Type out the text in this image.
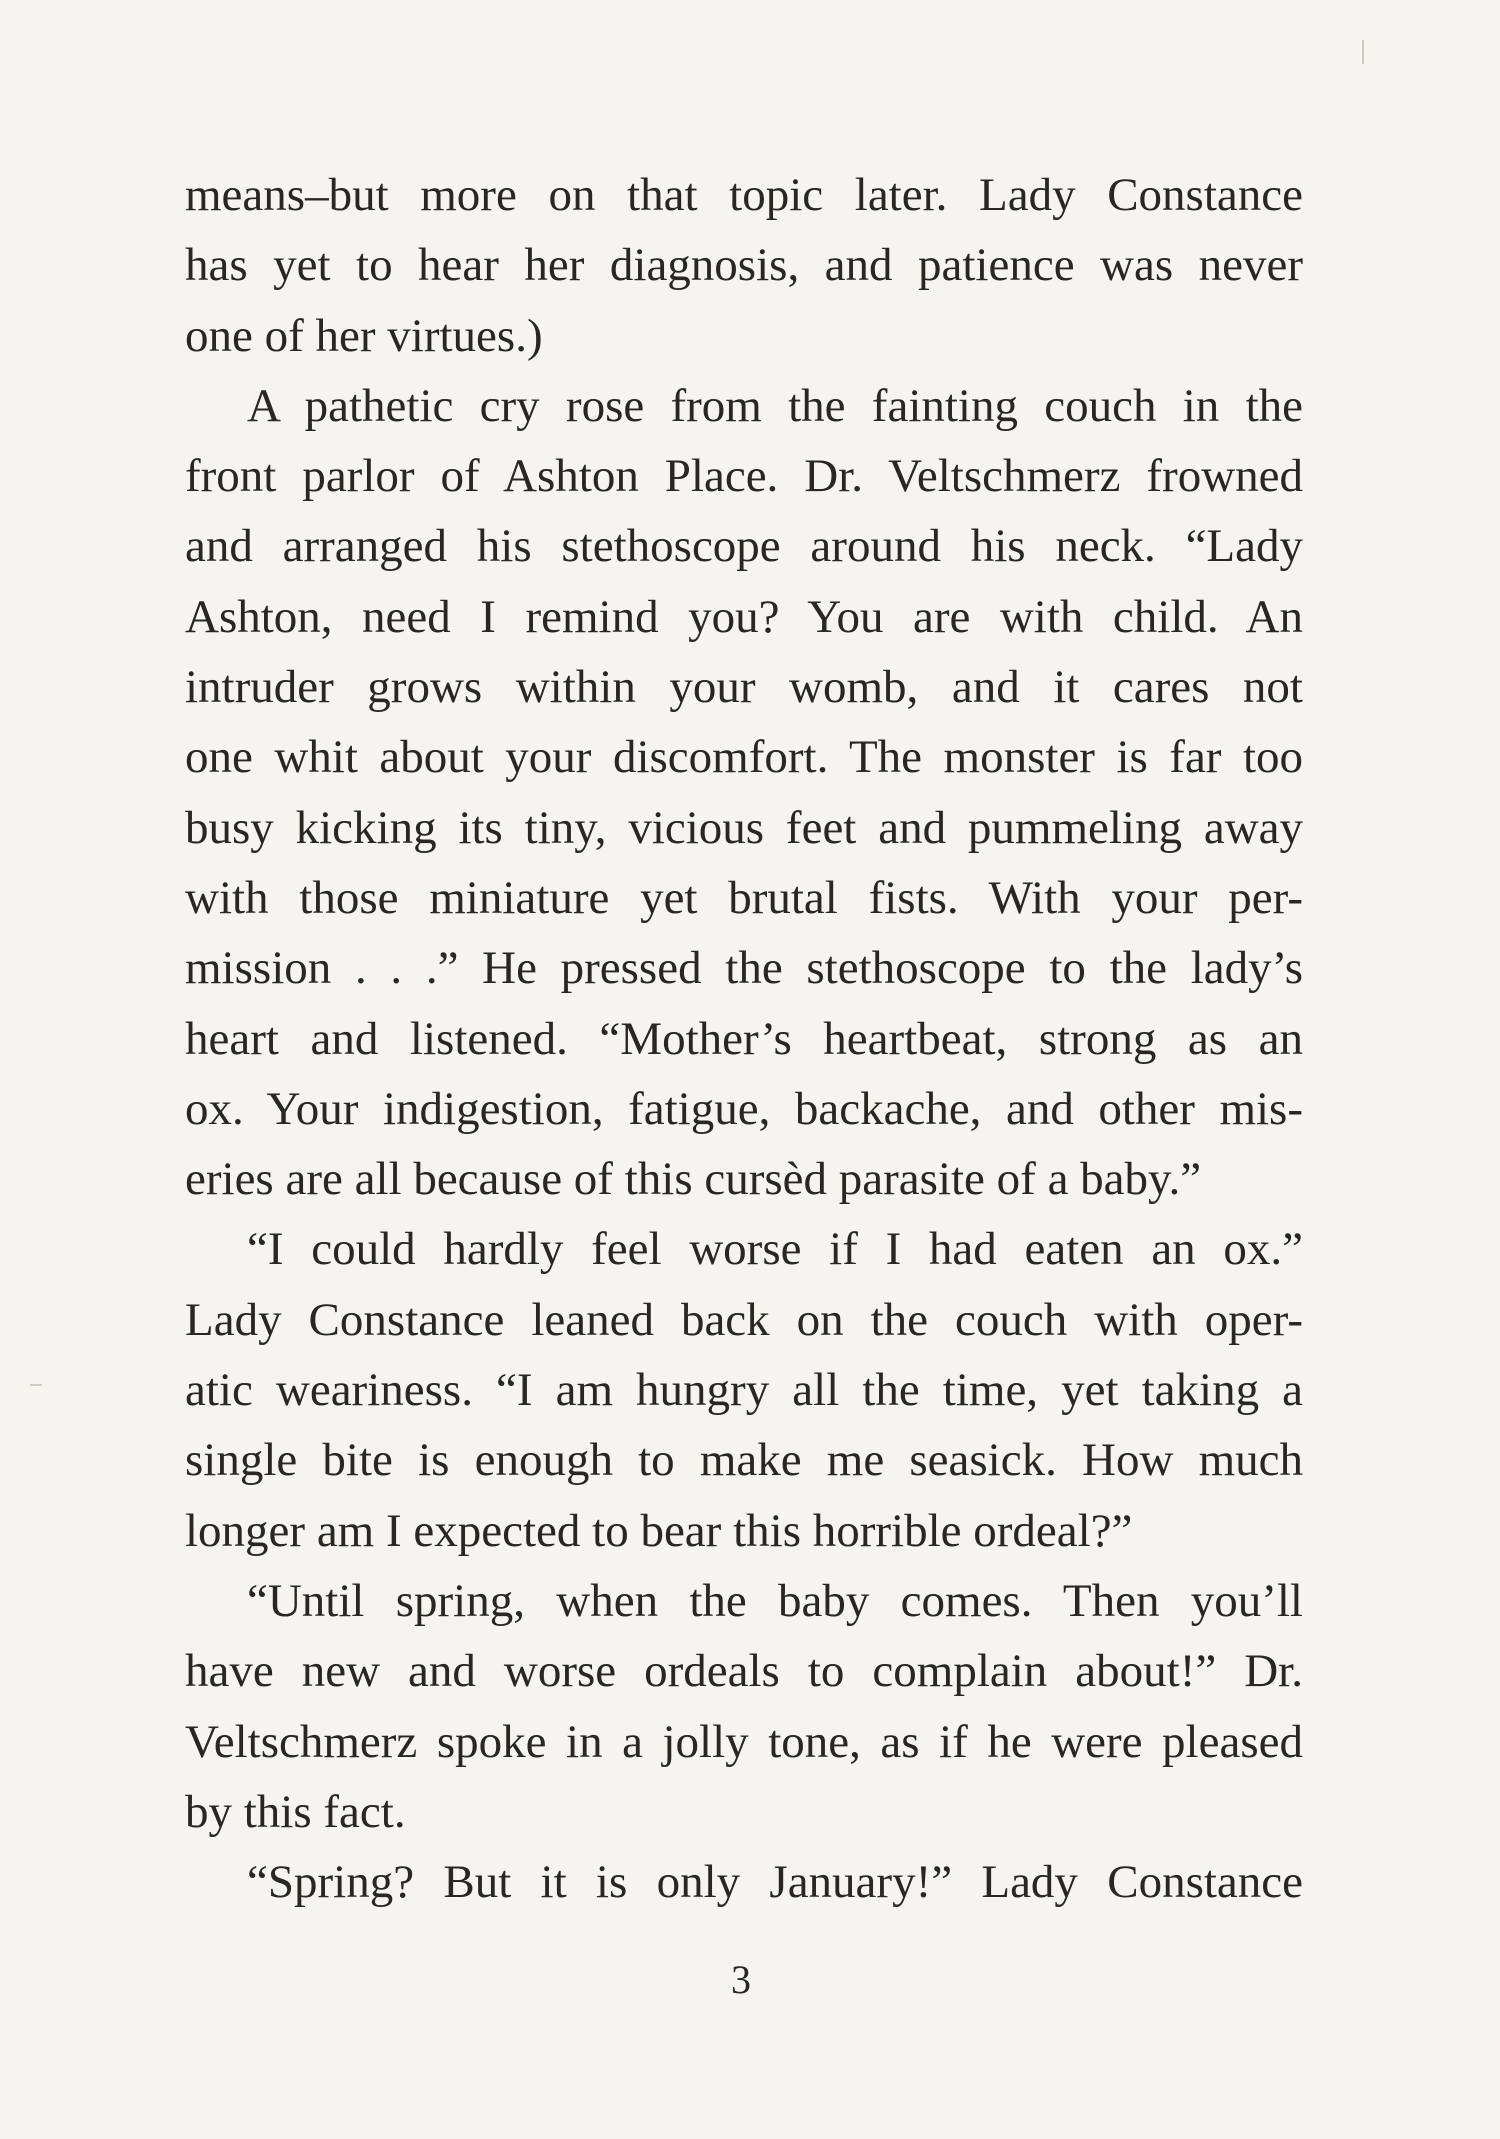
means–but more on that topic later. Lady Constance
has yet to hear her diagnosis, and patience was never
one of her virtues.)
A pathetic cry rose from the fainting couch in the
front parlor of Ashton Place. Dr. Veltschmerz frowned
and arranged his stethoscope around his neck. “Lady
Ashton, need I remind you? You are with child. An
intruder grows within your womb, and it cares not
one whit about your discomfort. The monster is far too
busy kicking its tiny, vicious feet and pummeling away
with those miniature yet brutal fists. With your per-
mission . . .” He pressed the stethoscope to the lady’s
heart and listened. “Mother’s heartbeat, strong as an
ox. Your indigestion, fatigue, backache, and other mis-
eries are all because of this cursèd parasite of a baby.”
“I could hardly feel worse if I had eaten an ox.”
Lady Constance leaned back on the couch with oper-
atic weariness. “I am hungry all the time, yet taking a
single bite is enough to make me seasick. How much
longer am I expected to bear this horrible ordeal?”
“Until spring, when the baby comes. Then you’ll
have new and worse ordeals to complain about!” Dr.
Veltschmerz spoke in a jolly tone, as if he were pleased
by this fact.
“Spring? But it is only January!” Lady Constance
3
